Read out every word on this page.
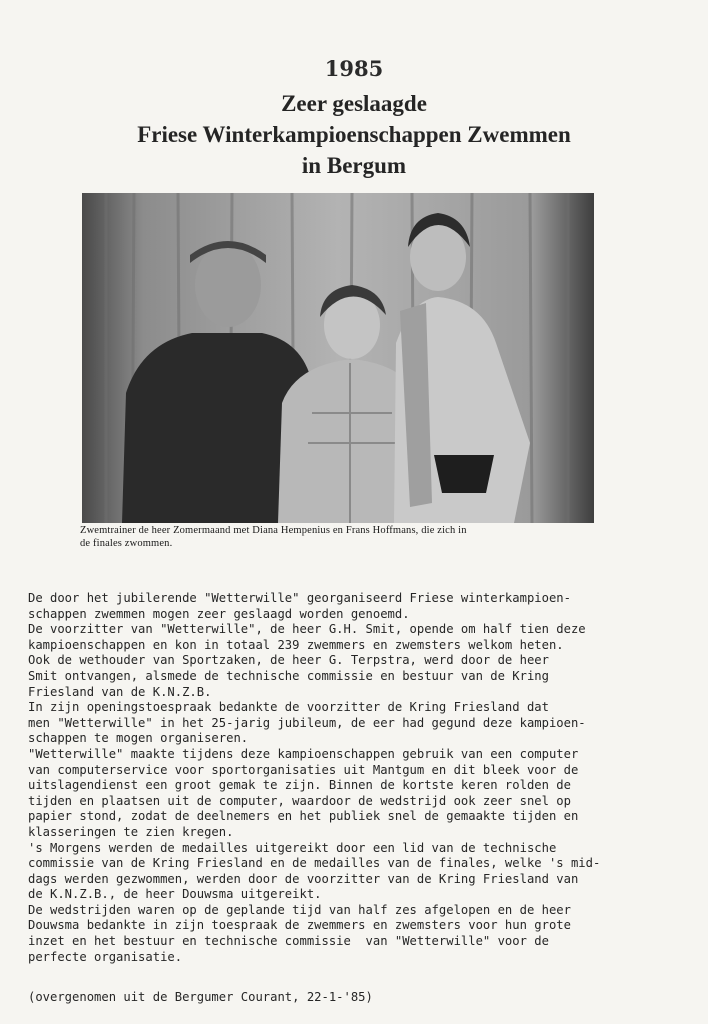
1985
Zeer geslaagde
Friese Winterkampioenschappen Zwemmen
in Bergum
Zwemtrainer de heer Zomermaand met Diana Hempenius en Frans Hoffmans, die zich in
de finales zwommen.

De door het jubilerende "Wetterwille" georganiseerd Friese winterkampioen-

schappen zwemmen mogen zeer geslaagd worden genoemd.

De voorzitter van "Wetterwille", de heer G.H. Smit, opende om half tien deze

kampioenschappen en kon in totaal 239 zwemmers en zwemsters welkom heten.

Ook de wethouder van Sportzaken, de heer G. Terpstra, werd door de heer

Smit ontvangen, alsmede de technische commissie en bestuur van de Kring

Friesland van de K.N.Z.B.

In zijn openingstoespraak bedankte de voorzitter de Kring Friesland dat

men "Wetterwille" in het 25-jarig jubileum, de eer had gegund deze kampioen-

schappen te mogen organiseren.

"Wetterwille" maakte tijdens deze kampioenschappen gebruik van een computer

van computerservice voor sportorganisaties uit Mantgum en dit bleek voor de

uitslagendienst een groot gemak te zijn. Binnen de kortste keren rolden de

tijden en plaatsen uit de computer, waardoor de wedstrijd ook zeer snel op

papier stond, zodat de deelnemers en het publiek snel de gemaakte tijden en

klasseringen te zien kregen.

's Morgens werden de medailles uitgereikt door een lid van de technische

commissie van de Kring Friesland en de medailles van de finales, welke 's mid-

dags werden gezwommen, werden door de voorzitter van de Kring Friesland van

de K.N.Z.B., de heer Douwsma uitgereikt.

De wedstrijden waren op de geplande tijd van half zes afgelopen en de heer

Douwsma bedankte in zijn toespraak de zwemmers en zwemsters voor hun grote

inzet en het bestuur en technische commissie  van "Wetterwille" voor de

perfecte organisatie.

(overgenomen uit de Bergumer Courant, 22-1-'85)
